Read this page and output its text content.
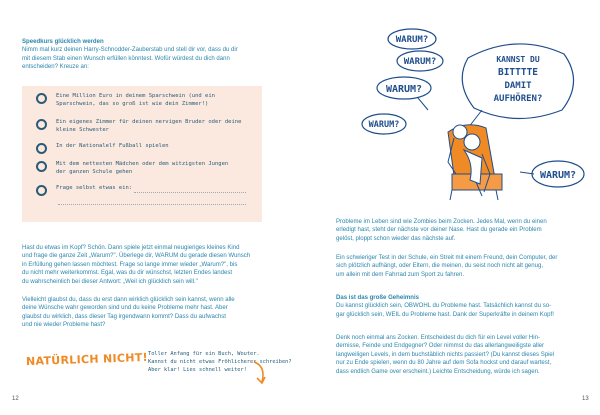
Speedkurs glücklich werden

Nimm mal kurz deinen Harry-Schnodder-Zauberstab und stell dir vor, dass du dir

mit diesem Stab einen Wunsch erfüllen könntest. Wofür würdest du dich dann

entscheiden? Kreuze an:

Eine Million Euro in deinem Sparschwein (und ein
Sparschwein, das so groß ist wie dein Zimmer!)
Ein eigenes Zimmer für deinen nervigen Bruder oder deine
kleine Schwester
In der Nationalelf Fußball spielen
Mit dem nettesten Mädchen oder dem witzigsten Jungen
der ganzen Schule gehen
Frage selbst etwas ein:

Hast du etwas im Kopf? Schön. Dann spiele jetzt einmal neugieriges kleines Kind

und frage die ganze Zeit „Warum?". Überlege dir, WARUM du gerade diesen Wunsch

in Erfüllung gehen lassen möchtest. Frage so lange immer wieder „Warum?", bis

du nicht mehr weiterkommst. Egal, was du dir wünschst, letzten Endes landest

du wahrscheinlich bei dieser Antwort: „Weil ich glücklich sein will."

Vielleicht glaubst du, dass du erst dann wirklich glücklich sein kannst, wenn alle

deine Wünsche wahr geworden sind und du keine Probleme mehr hast. Aber

glaubst du wirklich, dass dieser Tag irgendwann kommt? Dass du aufwachst

und nie wieder Probleme hast?

NATÜRLICH NICHT! Toller Anfang für ein Buch, Wouter.
Kannst du nicht etwas Fröhlicheres schreiben?
Aber klar! Lies schnell weiter!
12
WARUM?
WARUM?
WARUM?
WARUM?
KANNST DU
BITTTTE
DAMIT
AUFHÖREN?
WARUM?

Probleme im Leben sind wie Zombies beim Zocken. Jedes Mal, wenn du einen

erledigt hast, steht der nächste vor deiner Nase. Hast du gerade ein Problem

gelöst, ploppt schon wieder das nächste auf.

Ein schwieriger Test in der Schule, ein Streit mit einem Freund, dein Computer, der

sich plötzlich aufhängt, oder Eltern, die meinen, du seist noch nicht alt genug,

um allein mit dem Fahrrad zum Sport zu fahren.

Das ist das große Geheimnis

Du kannst glücklich sein, OBWOHL du Probleme hast. Tatsächlich kannst du so-

gar glücklich sein, WEIL du Probleme hast. Dank der Superkräfte in deinem Kopf!

Denk noch einmal ans Zocken. Entscheidest du dich für ein Level voller Hin-

dernisse, Feinde und Endgegner? Oder nimmst du das allerlangweiligste aller

langweiligen Levels, in dem buchstäblich nichts passiert? (Du kannst dieses Spiel

nur zu Ende spielen, wenn du 80 Jahre auf dem Sofa hockst und darauf wartest,

dass endlich Game over erscheint.) Leichte Entscheidung, würde ich sagen.

13
